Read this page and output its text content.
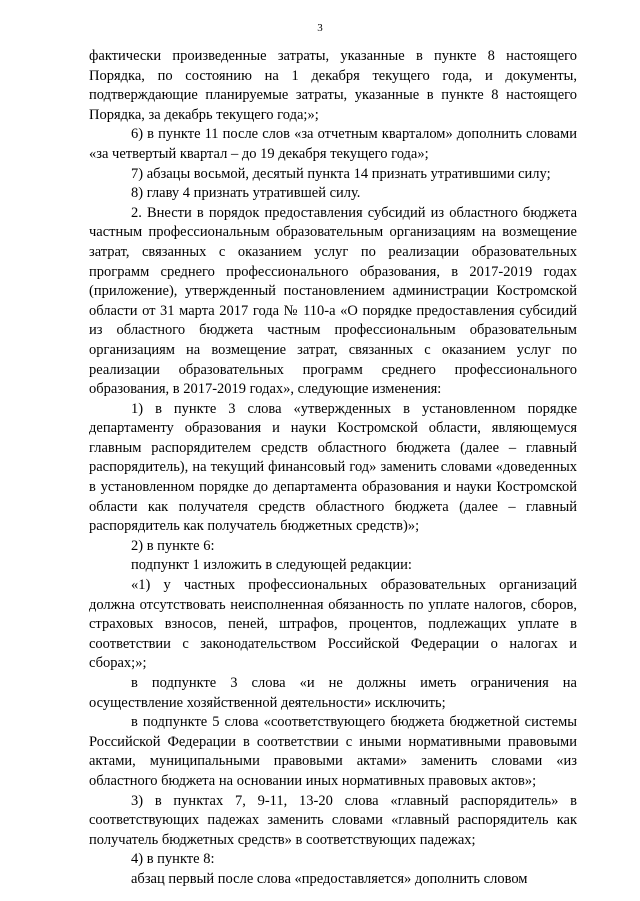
3

фактически произведенные затраты, указанные в пункте 8 настоящего Порядка, по состоянию на 1 декабря текущего года, и документы, подтверждающие планируемые затраты, указанные в пункте 8 настоящего Порядка, за декабрь текущего года;»;

6) в пункте 11 после слов «за отчетным кварталом» дополнить словами «за четвертый квартал – до 19 декабря текущего года»;

7) абзацы восьмой, десятый пункта 14 признать утратившими силу;

8) главу 4 признать утратившей силу.

2. Внести в порядок предоставления субсидий из областного бюджета частным профессиональным образовательным организациям на возмещение затрат, связанных с оказанием услуг по реализации образовательных программ среднего профессионального образования, в 2017-2019 годах (приложение), утвержденный постановлением администрации Костромской области от 31 марта 2017 года № 110-а «О порядке предоставления субсидий из областного бюджета частным профессиональным образовательным организациям на возмещение затрат, связанных с оказанием услуг по реализации образовательных программ среднего профессионального образования, в 2017-2019 годах», следующие изменения:

1) в пункте 3 слова «утвержденных в установленном порядке департаменту образования и науки Костромской области, являющемуся главным распорядителем средств областного бюджета (далее – главный распорядитель), на текущий финансовый год» заменить словами «доведенных в установленном порядке до департамента образования и науки Костромской области как получателя средств областного бюджета (далее – главный распорядитель как получатель бюджетных средств)»;

2) в пункте 6:

подпункт 1 изложить в следующей редакции:

«1) у частных профессиональных образовательных организаций должна отсутствовать неисполненная обязанность по уплате налогов, сборов, страховых взносов, пеней, штрафов, процентов, подлежащих уплате в соответствии с законодательством Российской Федерации о налогах и сборах;»;

в подпункте 3 слова «и не должны иметь ограничения на осуществление хозяйственной деятельности» исключить;

в подпункте 5 слова «соответствующего бюджета бюджетной системы Российской Федерации в соответствии с иными нормативными правовыми актами, муниципальными правовыми актами» заменить словами «из областного бюджета на основании иных нормативных правовых актов»;

3) в пунктах 7, 9-11, 13-20 слова «главный распорядитель» в соответствующих падежах заменить словами «главный распорядитель как получатель бюджетных средств» в соответствующих падежах;

4) в пункте 8:

абзац первый после слова «предоставляется» дополнить словом
